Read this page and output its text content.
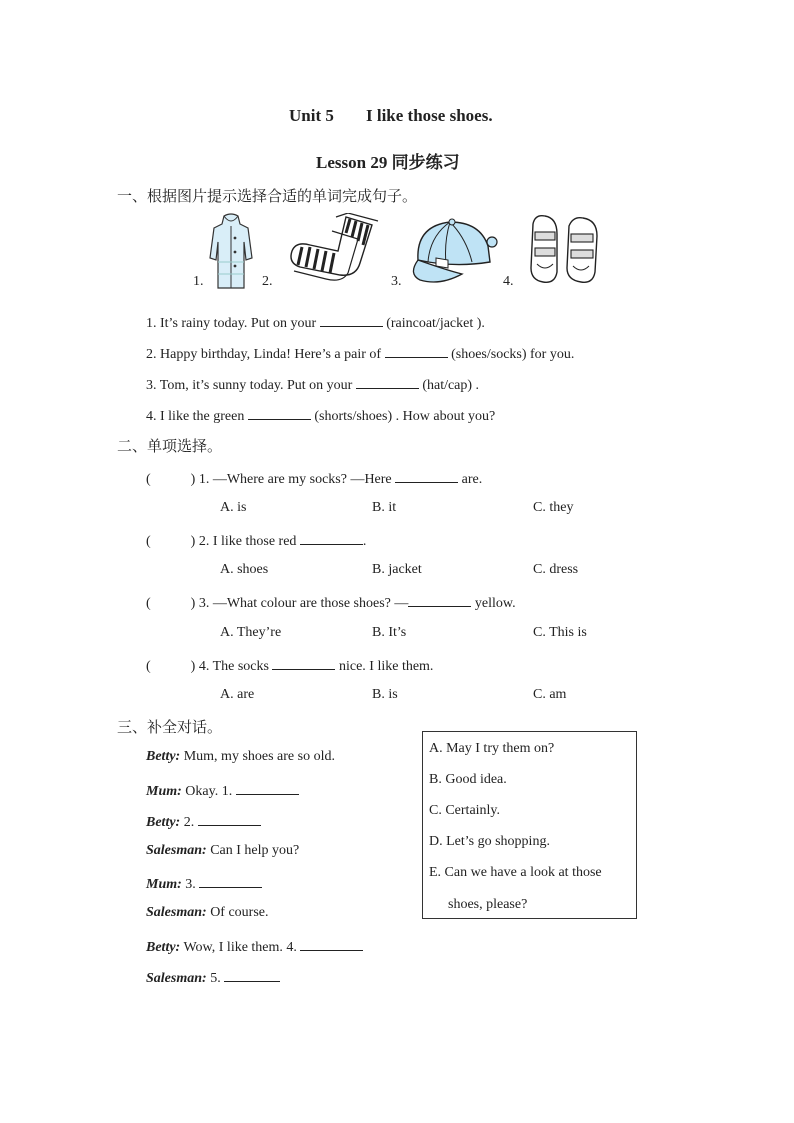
Unit 5 I like those shoes.
Lesson 29 同步练习
一、根据图片提示选择合适的单词完成句子。
1.	2.	3.	4.
1. It’s rainy today. Put on your	(raincoat/jacket ).
2. Happy birthday, Linda! Here’s a pair of	(shoes/socks) for you.
3. Tom, it’s sunny today. Put on your	(hat/cap) .
4. I like the green	(shorts/shoes) . How about you?
二、单项选择。
(	) 1. —Where are my socks? —Here	are.
A. is	B. it	C. they
(	) 2. I like those red	.
A. shoes	B. jacket	C. dress
(	) 3. —What colour are those shoes? —	yellow.
A. They’re	B. It’s	C. This is
(	) 4. The socks	nice. I like them.
A. are	B. is	C. am
三、补全对话。
Betty: Mum, my shoes are so old.
Mum: Okay. 1.
Betty: 2.
Salesman: Can I help you?
Mum: 3.
Salesman: Of course.
Betty: Wow, I like them. 4.
Salesman: 5.
A. May I try them on?
B. Good idea.
C. Certainly.
D. Let’s go shopping.
E. Can we have a look at those
shoes, please?
